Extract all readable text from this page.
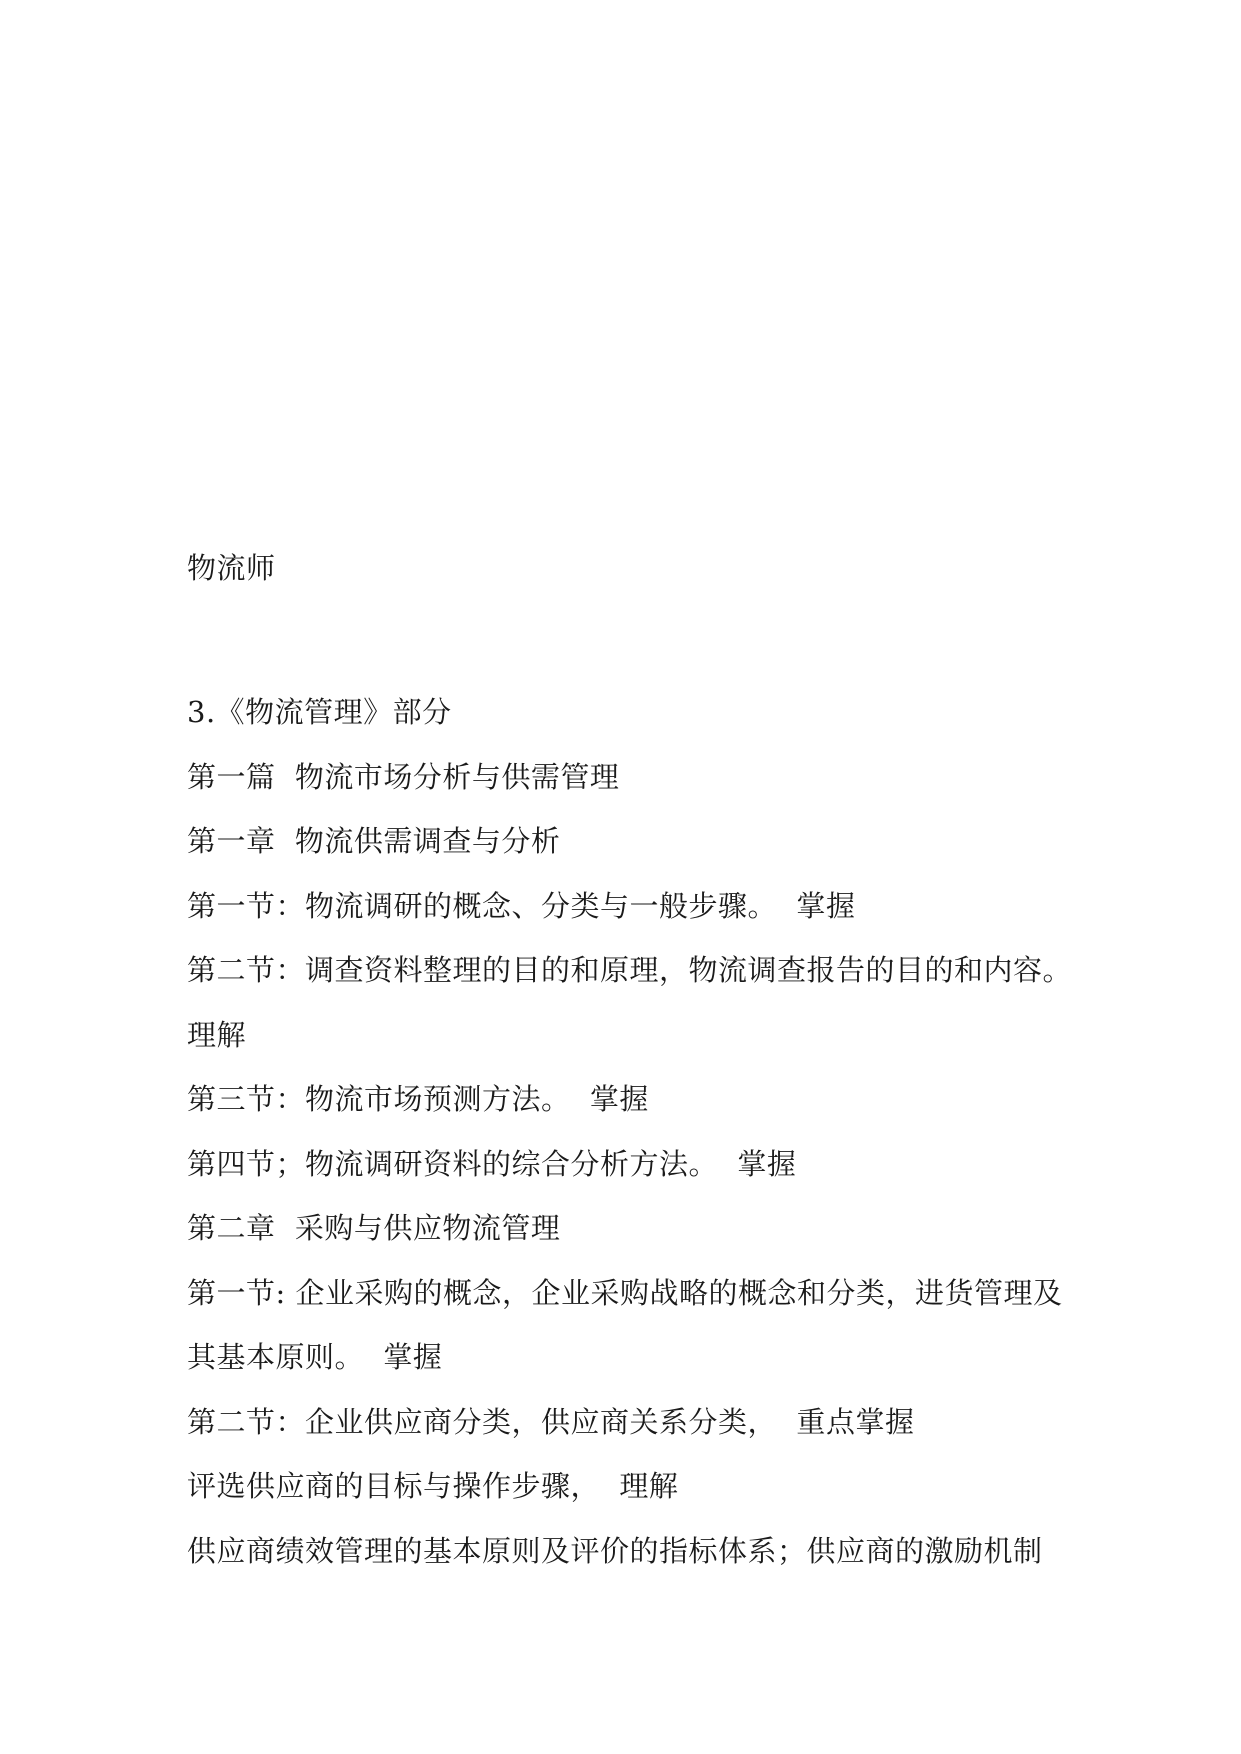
物流师
3.《物流管理》部分
第一篇  物流市场分析与供需管理
第一章  物流供需调查与分析
第一节：物流调研的概念、分类与一般步骤。  掌握
第二节：调查资料整理的目的和原理，物流调查报告的目的和内容。
理解
第三节：物流市场预测方法。  掌握
第四节；物流调研资料的综合分析方法。  掌握
第二章  采购与供应物流管理
第一节: 企业采购的概念，企业采购战略的概念和分类，进货管理及
其基本原则。  掌握
第二节：企业供应商分类，供应商关系分类，  重点掌握
评选供应商的目标与操作步骤，  理解
供应商绩效管理的基本原则及评价的指标体系；供应商的激励机制
